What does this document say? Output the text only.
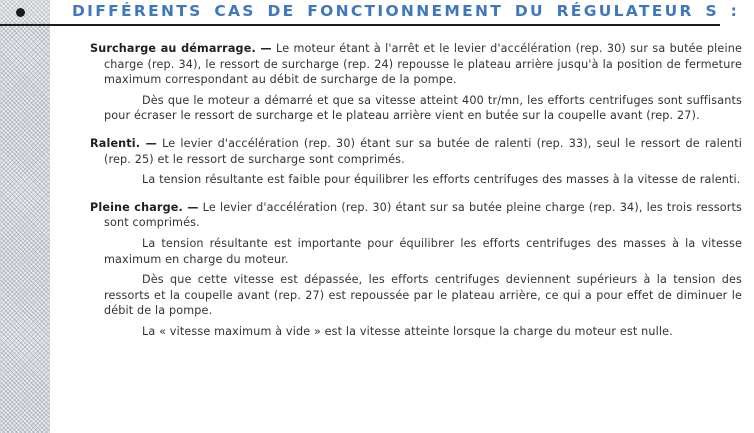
DIFFÉRENTS CAS DE FONCTIONNEMENT DU RÉGULATEUR S :

Surcharge au démarrage. — Le moteur étant à l'arrêt et le levier d'accélération (rep. 30) sur sa butée pleine charge (rep. 34), le ressort de surcharge (rep. 24) repousse le plateau arrière jusqu'à la position de fermeture maximum correspondant au débit de surcharge de la pompe.

Dès que le moteur a démarré et que sa vitesse atteint 400 tr/mn, les efforts centrifuges sont suffisants pour écraser le ressort de surcharge et le plateau arrière vient en butée sur la coupelle avant (rep. 27).

Ralenti. — Le levier d'accélération (rep. 30) étant sur sa butée de ralenti (rep. 33), seul le ressort de ralenti (rep. 25) et le ressort de surcharge sont comprimés.

La tension résultante est faible pour équilibrer les efforts centrifuges des masses à la vitesse de ralenti.

Pleine charge. — Le levier d'accélération (rep. 30) étant sur sa butée pleine charge (rep. 34), les trois ressorts sont comprimés.

La tension résultante est importante pour équilibrer les efforts centrifuges des masses à la vitesse maximum en charge du moteur.

Dès que cette vitesse est dépassée, les efforts centrifuges deviennent supérieurs à la tension des ressorts et la coupelle avant (rep. 27) est repoussée par le plateau arrière, ce qui a pour effet de diminuer le débit de la pompe.

La « vitesse maximum à vide » est la vitesse atteinte lorsque la charge du moteur est nulle.
